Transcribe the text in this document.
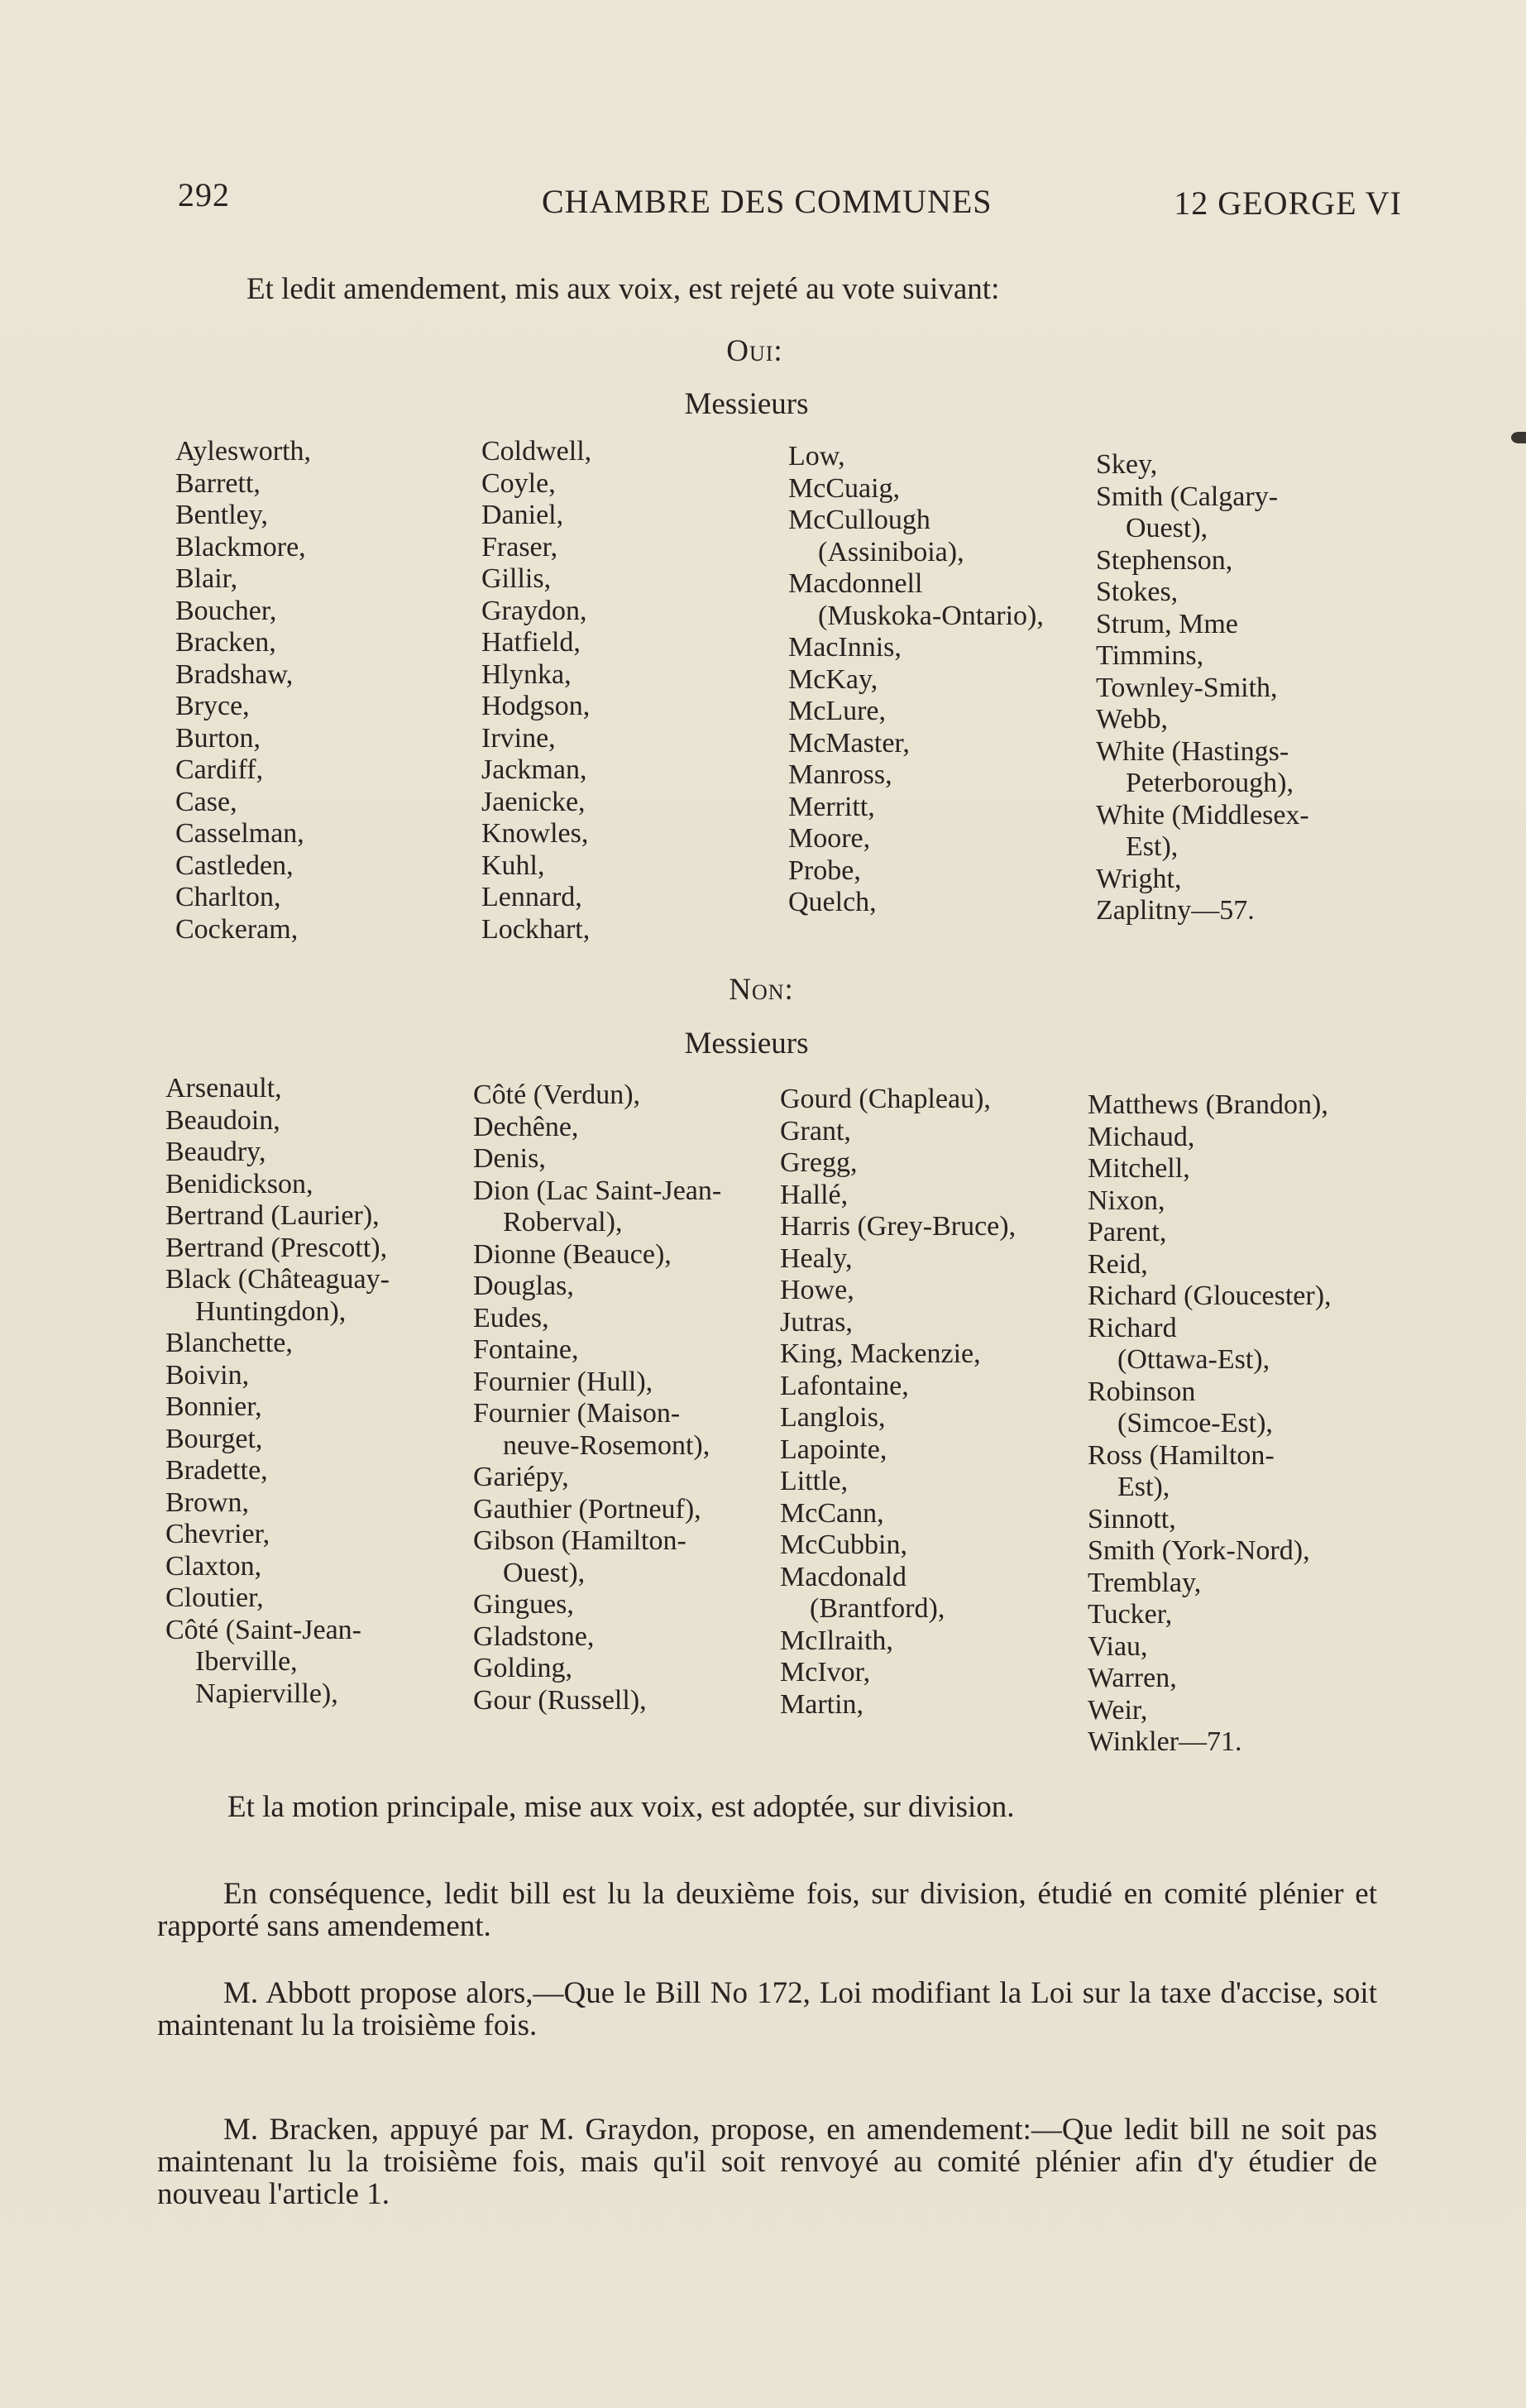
292	CHAMBRE DES COMMUNES	12 GEORGE VI
Et ledit amendement, mis aux voix, est rejeté au vote suivant:
Oui:
Messieurs
Aylesworth,
Barrett,
Bentley,
Blackmore,
Blair,
Boucher,
Bracken,
Bradshaw,
Bryce,
Burton,
Cardiff,
Case,
Casselman,
Castleden,
Charlton,
Cockeram,
Coldwell,
Coyle,
Daniel,
Fraser,
Gillis,
Graydon,
Hatfield,
Hlynka,
Hodgson,
Irvine,
Jackman,
Jaenicke,
Knowles,
Kuhl,
Lennard,
Lockhart,
Low,
McCuaig,
McCullough
(Assiniboia),
Macdonnell
(Muskoka-Ontario),
MacInnis,
McKay,
McLure,
McMaster,
Manross,
Merritt,
Moore,
Probe,
Quelch,
Skey,
Smith (Calgary-
Ouest),
Stephenson,
Stokes,
Strum, Mme
Timmins,
Townley-Smith,
Webb,
White (Hastings-
Peterborough),
White (Middlesex-
Est),
Wright,
Zaplitny—57.
Non:
Messieurs
Arsenault,
Beaudoin,
Beaudry,
Benidickson,
Bertrand (Laurier),
Bertrand (Prescott),
Black (Châteaguay-
Huntingdon),
Blanchette,
Boivin,
Bonnier,
Bourget,
Bradette,
Brown,
Chevrier,
Claxton,
Cloutier,
Côté (Saint-Jean-
Iberville,
Napierville),
Côté (Verdun),
Dechêne,
Denis,
Dion (Lac Saint-Jean-
Roberval),
Dionne (Beauce),
Douglas,
Eudes,
Fontaine,
Fournier (Hull),
Fournier (Maison-
neuve-Rosemont),
Gariépy,
Gauthier (Portneuf),
Gibson (Hamilton-
Ouest),
Gingues,
Gladstone,
Golding,
Gour (Russell),
Gourd (Chapleau),
Grant,
Gregg,
Hallé,
Harris (Grey-Bruce),
Healy,
Howe,
Jutras,
King, Mackenzie,
Lafontaine,
Langlois,
Lapointe,
Little,
McCann,
McCubbin,
Macdonald
(Brantford),
McIlraith,
McIvor,
Martin,
Matthews (Brandon),
Michaud,
Mitchell,
Nixon,
Parent,
Reid,
Richard (Gloucester),
Richard
(Ottawa-Est),
Robinson
(Simcoe-Est),
Ross (Hamilton-
Est),
Sinnott,
Smith (York-Nord),
Tremblay,
Tucker,
Viau,
Warren,
Weir,
Winkler—71.
Et la motion principale, mise aux voix, est adoptée, sur division.
En conséquence, ledit bill est lu la deuxième fois, sur division, étudié en comité plénier et rapporté sans amendement.
M. Abbott propose alors,—Que le Bill No 172, Loi modifiant la Loi sur la taxe d'accise, soit maintenant lu la troisième fois.
M. Bracken, appuyé par M. Graydon, propose, en amendement:—Que ledit bill ne soit pas maintenant lu la troisième fois, mais qu'il soit renvoyé au comité plénier afin d'y étudier de nouveau l'article 1.
